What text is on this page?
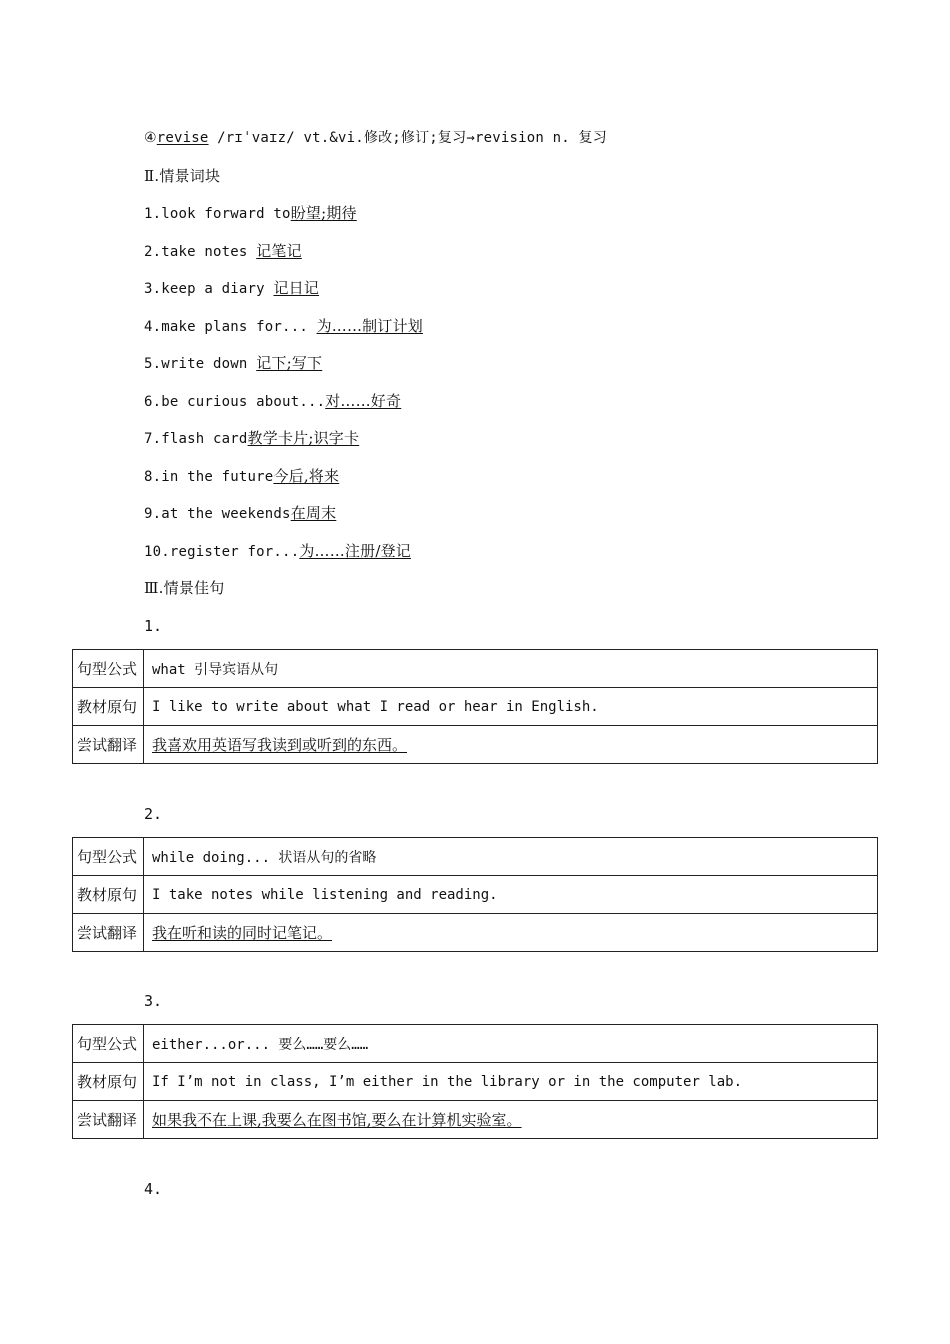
④revise /rɪˈvaɪz/ vt.&vi.修改;修订;复习→revision n. 复习
Ⅱ.情景词块
1.look forward to盼望;期待
2.take notes 记笔记
3.keep a diary 记日记
4.make plans for... 为……制订计划
5.write down 记下;写下
6.be curious about...对……好奇
7.flash card教学卡片;识字卡
8.in the future今后,将来
9.at the weekends在周末
10.register for...为……注册/登记
Ⅲ.情景佳句
1.
句型公式	what 引导宾语从句
教材原句	I like to write about what I read or hear in English.
尝试翻译	我喜欢用英语写我读到或听到的东西。
2.
句型公式	while doing... 状语从句的省略
教材原句	I take notes while listening and reading.
尝试翻译	我在听和读的同时记笔记。
3.
句型公式	either...or... 要么……要么……
教材原句	If I’m not in class, I’m either in the library or in the computer lab.
尝试翻译	如果我不在上课,我要么在图书馆,要么在计算机实验室。
4.
